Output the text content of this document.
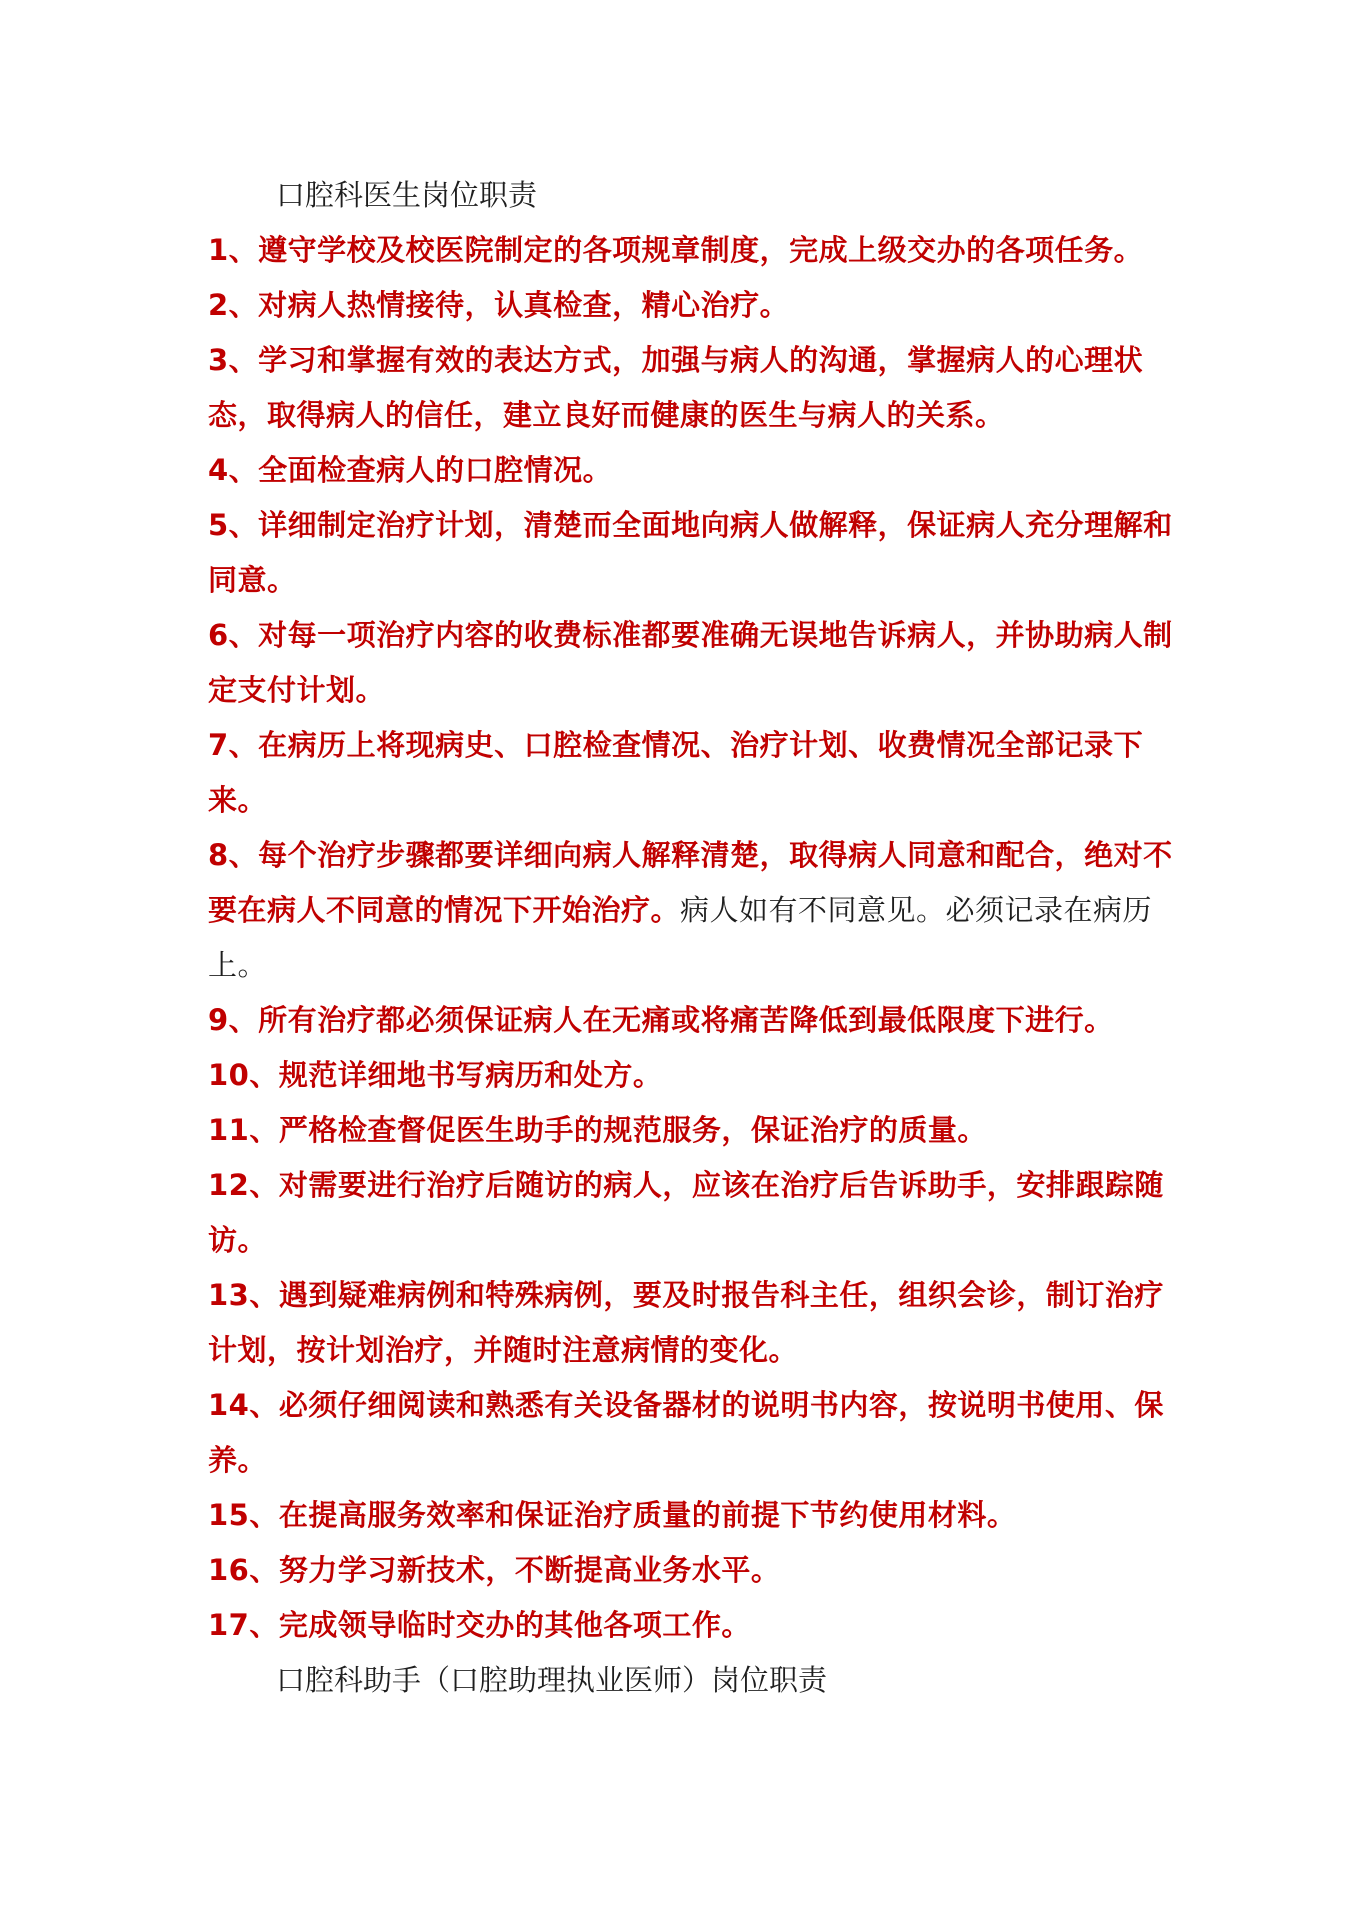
口腔科医生岗位职责
1、遵守学校及校医院制定的各项规章制度，完成上级交办的各项任务。
2、对病人热情接待，认真检查，精心治疗。
3、学习和掌握有效的表达方式，加强与病人的沟通，掌握病人的心理状态，取得病人的信任，建立良好而健康的医生与病人的关系。
4、全面检查病人的口腔情况。
5、详细制定治疗计划，清楚而全面地向病人做解释，保证病人充分理解和同意。
6、对每一项治疗内容的收费标准都要准确无误地告诉病人，并协助病人制定支付计划。
7、在病历上将现病史、口腔检查情况、治疗计划、收费情况全部记录下来。
8、每个治疗步骤都要详细向病人解释清楚，取得病人同意和配合，绝对不要在病人不同意的情况下开始治疗。病人如有不同意见。必须记录在病历上。
9、所有治疗都必须保证病人在无痛或将痛苦降低到最低限度下进行。
10、规范详细地书写病历和处方。
11、严格检查督促医生助手的规范服务，保证治疗的质量。
12、对需要进行治疗后随访的病人，应该在治疗后告诉助手，安排跟踪随访。
13、遇到疑难病例和特殊病例，要及时报告科主任，组织会诊，制订治疗计划，按计划治疗，并随时注意病情的变化。
14、必须仔细阅读和熟悉有关设备器材的说明书内容，按说明书使用、保养。
15、在提高服务效率和保证治疗质量的前提下节约使用材料。
16、努力学习新技术，不断提高业务水平。
17、完成领导临时交办的其他各项工作。
口腔科助手（口腔助理执业医师）岗位职责
